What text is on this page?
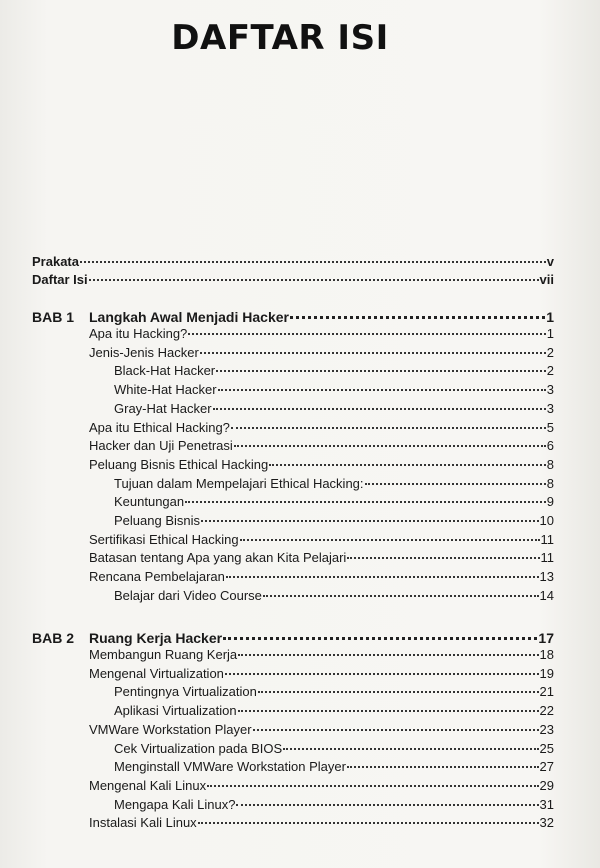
DAFTAR ISI
Prakata	v
Daftar Isi	vii
BAB 1 Langkah Awal Menjadi Hacker	1
Apa itu Hacking?	1
Jenis-Jenis Hacker	2
Black-Hat Hacker	2
White-Hat Hacker	3
Gray-Hat Hacker	3
Apa itu Ethical Hacking?	5
Hacker dan Uji Penetrasi	6
Peluang Bisnis Ethical Hacking	8
Tujuan dalam Mempelajari Ethical Hacking:	8
Keuntungan	9
Peluang Bisnis	10
Sertifikasi Ethical Hacking	11
Batasan tentang Apa yang akan Kita Pelajari	11
Rencana Pembelajaran	13
Belajar dari Video Course	14
BAB 2 Ruang Kerja Hacker	17
Membangun Ruang Kerja	18
Mengenal Virtualization	19
Pentingnya Virtualization	21
Aplikasi Virtualization	22
VMWare Workstation Player	23
Cek Virtualization pada BIOS	25
Menginstall VMWare Workstation Player	27
Mengenal Kali Linux	29
Mengapa Kali Linux?	31
Instalasi Kali Linux	32
